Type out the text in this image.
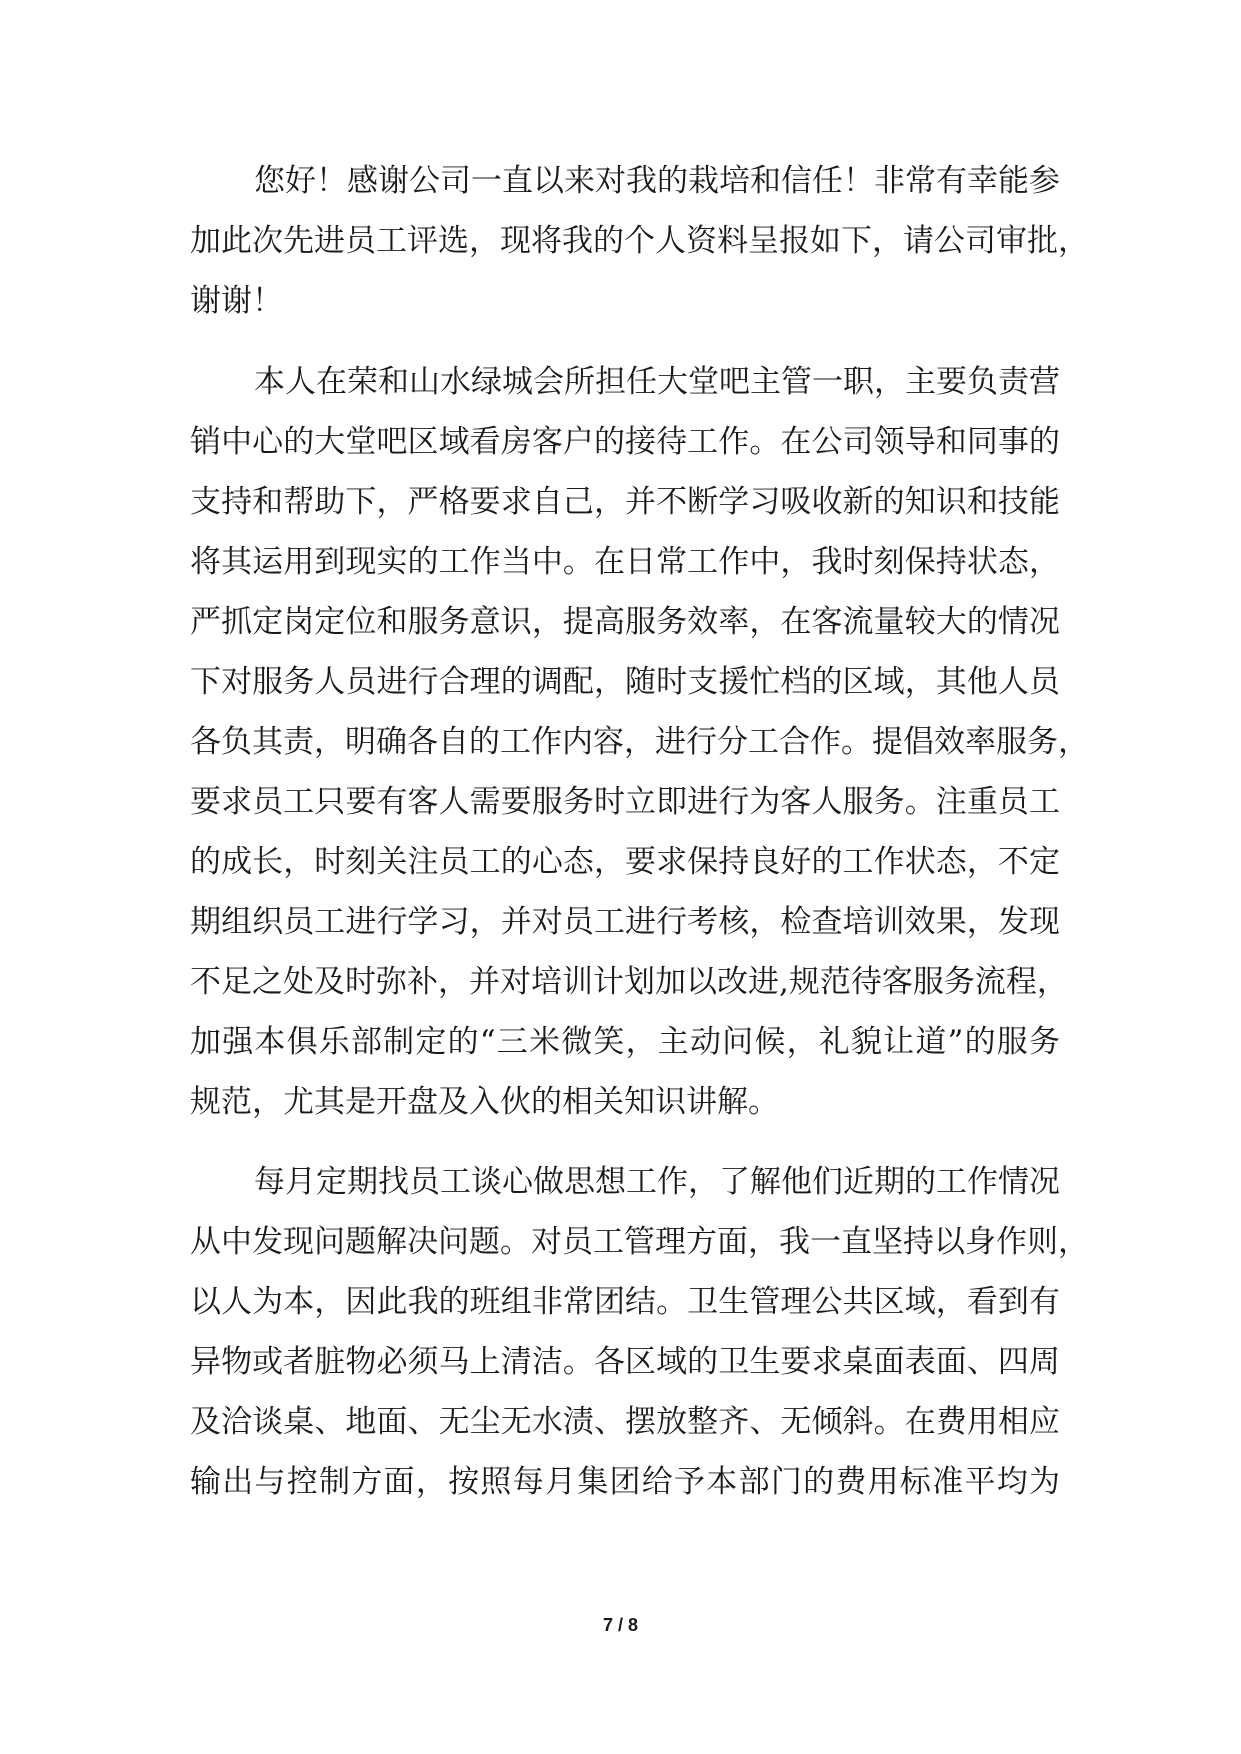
您好！感谢公司一直以来对我的栽培和信任！非常有幸能参
加此次先进员工评选，现将我的个人资料呈报如下，请公司审批，
谢谢！
本人在荣和山水绿城会所担任大堂吧主管一职，主要负责营
销中心的大堂吧区域看房客户的接待工作。在公司领导和同事的
支持和帮助下，严格要求自己，并不断学习吸收新的知识和技能
将其运用到现实的工作当中。在日常工作中，我时刻保持状态，
严抓定岗定位和服务意识，提高服务效率，在客流量较大的情况
下对服务人员进行合理的调配，随时支援忙档的区域，其他人员
各负其责，明确各自的工作内容，进行分工合作。提倡效率服务，
要求员工只要有客人需要服务时立即进行为客人服务。注重员工
的成长，时刻关注员工的心态，要求保持良好的工作状态，不定
期组织员工进行学习，并对员工进行考核，检查培训效果，发现
不足之处及时弥补，并对培训计划加以改进,规范待客服务流程，
加强本俱乐部制定的“三米微笑，主动问候，礼貌让道”的服务
规范，尤其是开盘及入伙的相关知识讲解。
每月定期找员工谈心做思想工作，了解他们近期的工作情况
从中发现问题解决问题。对员工管理方面，我一直坚持以身作则，
以人为本，因此我的班组非常团结。卫生管理公共区域，看到有
异物或者脏物必须马上清洁。各区域的卫生要求桌面表面、四周
及洽谈桌、地面、无尘无水渍、摆放整齐、无倾斜。在费用相应
输出与控制方面，按照每月集团给予本部门的费用标准平均为
7 / 8
